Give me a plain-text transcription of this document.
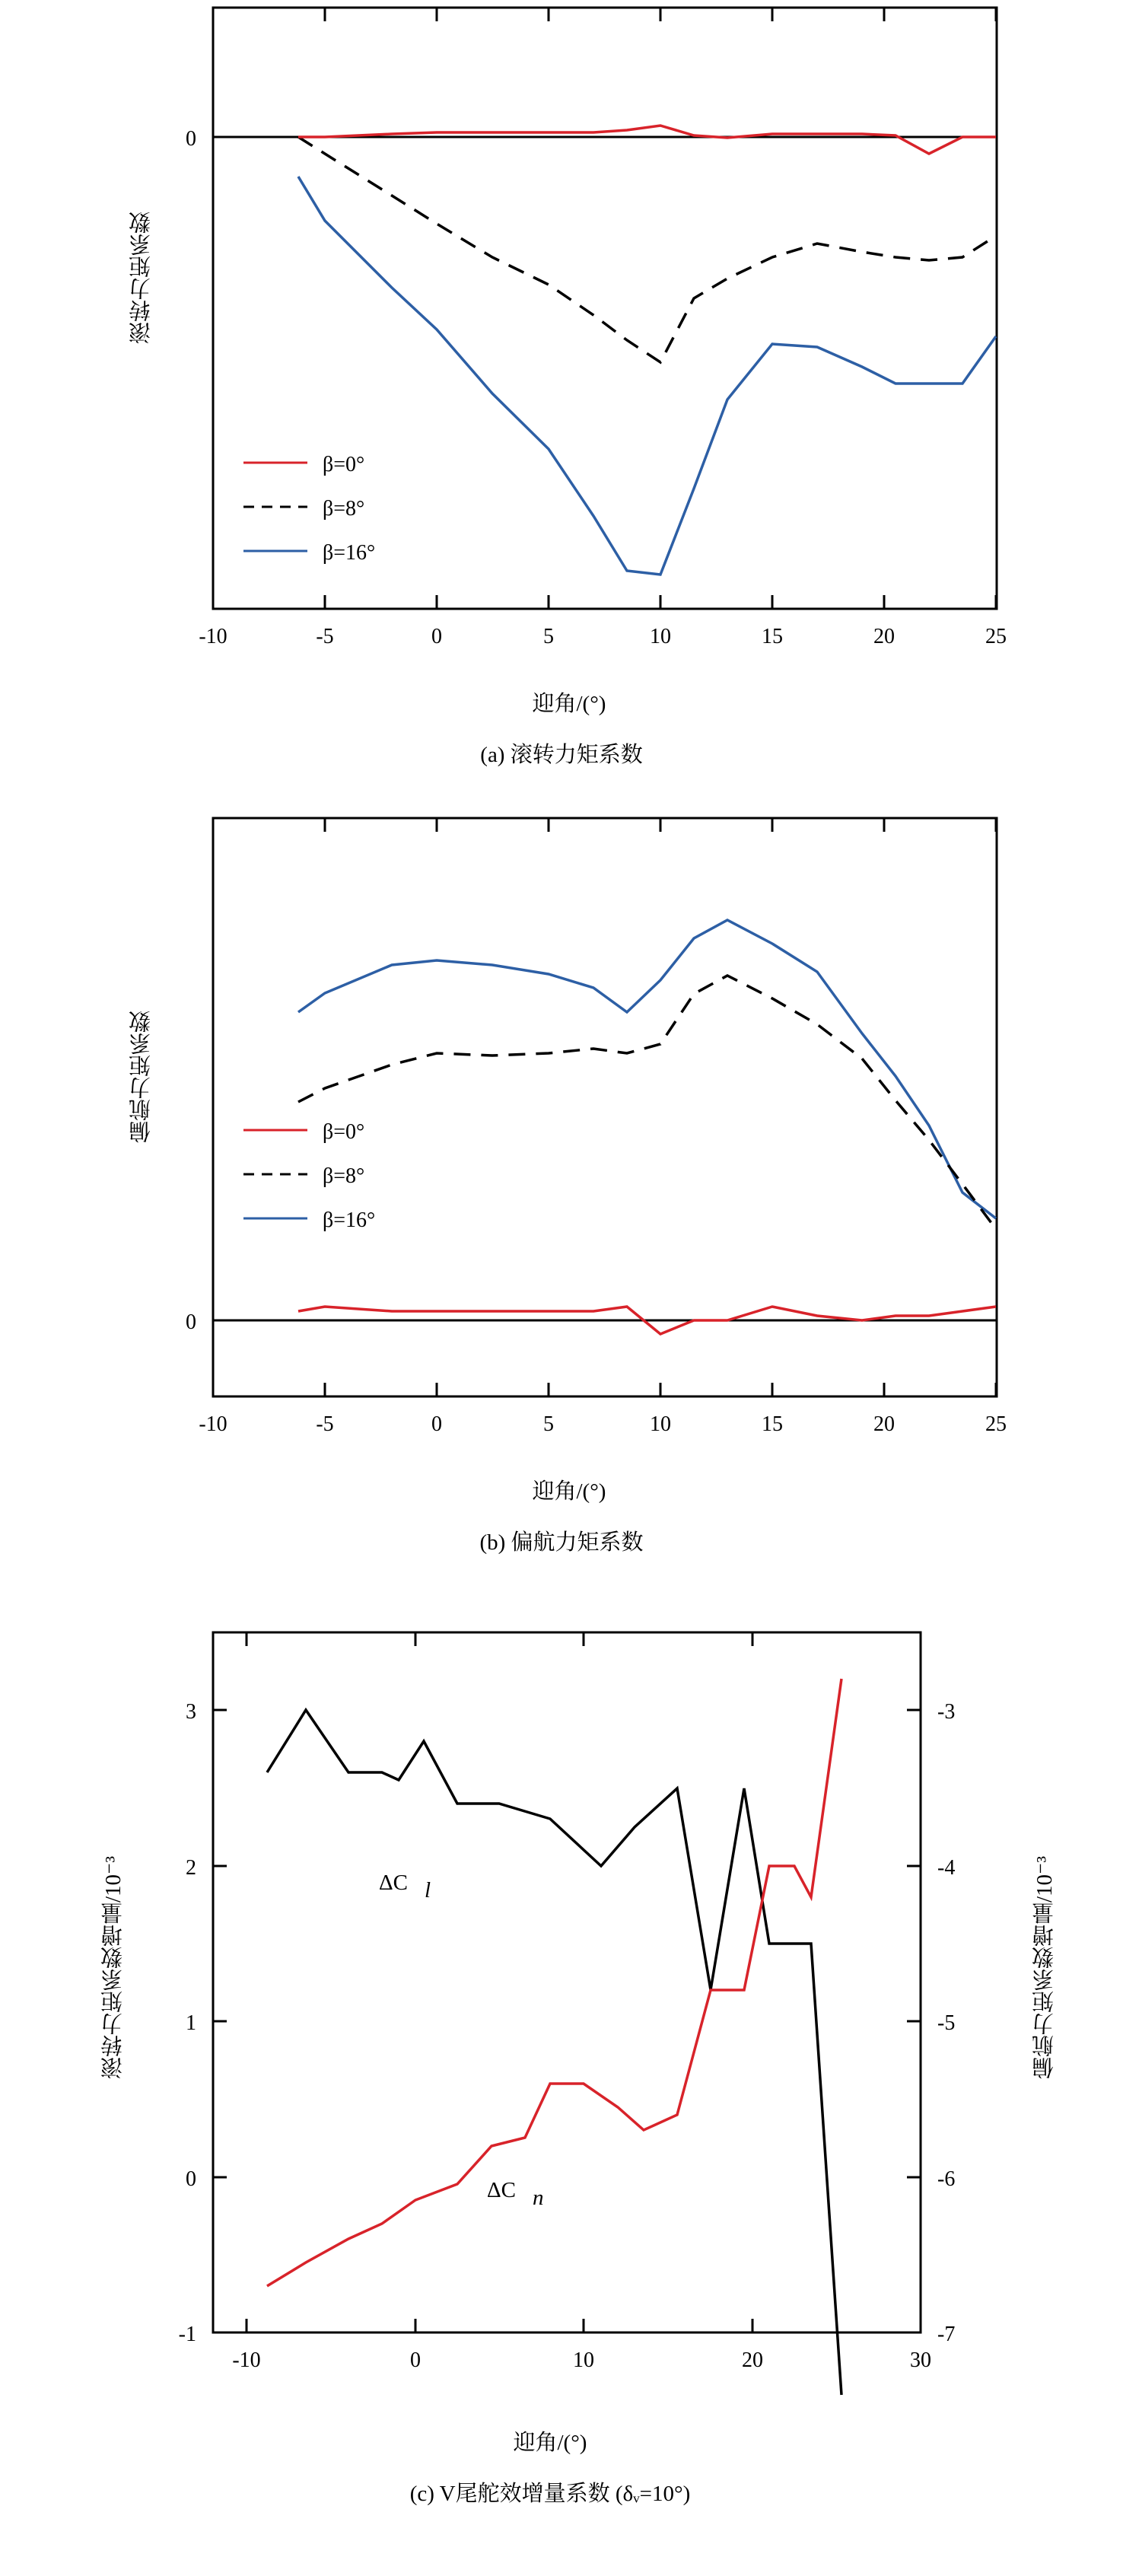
滚转力矩系数
0
-10	-5	0	5	10	15	20	25
β=0°
β=8°
β=16°
迎角/(°)
(a) 滚转力矩系数
偏航力矩系数
0
-10	-5	0	5	10	15	20	25
β=0°
β=8°
β=16°
迎角/(°)
(b) 偏航力矩系数
滚转力矩系数增量/10⁻³	偏航力矩系数增量/10⁻³
-1
0
1
2
3
-7
-6
-5
-4
-3
-10	0	10	20	30
ΔC l
ΔC n
迎角/(°)
(c) V尾舵效增量系数 (δᵥ=10°)
